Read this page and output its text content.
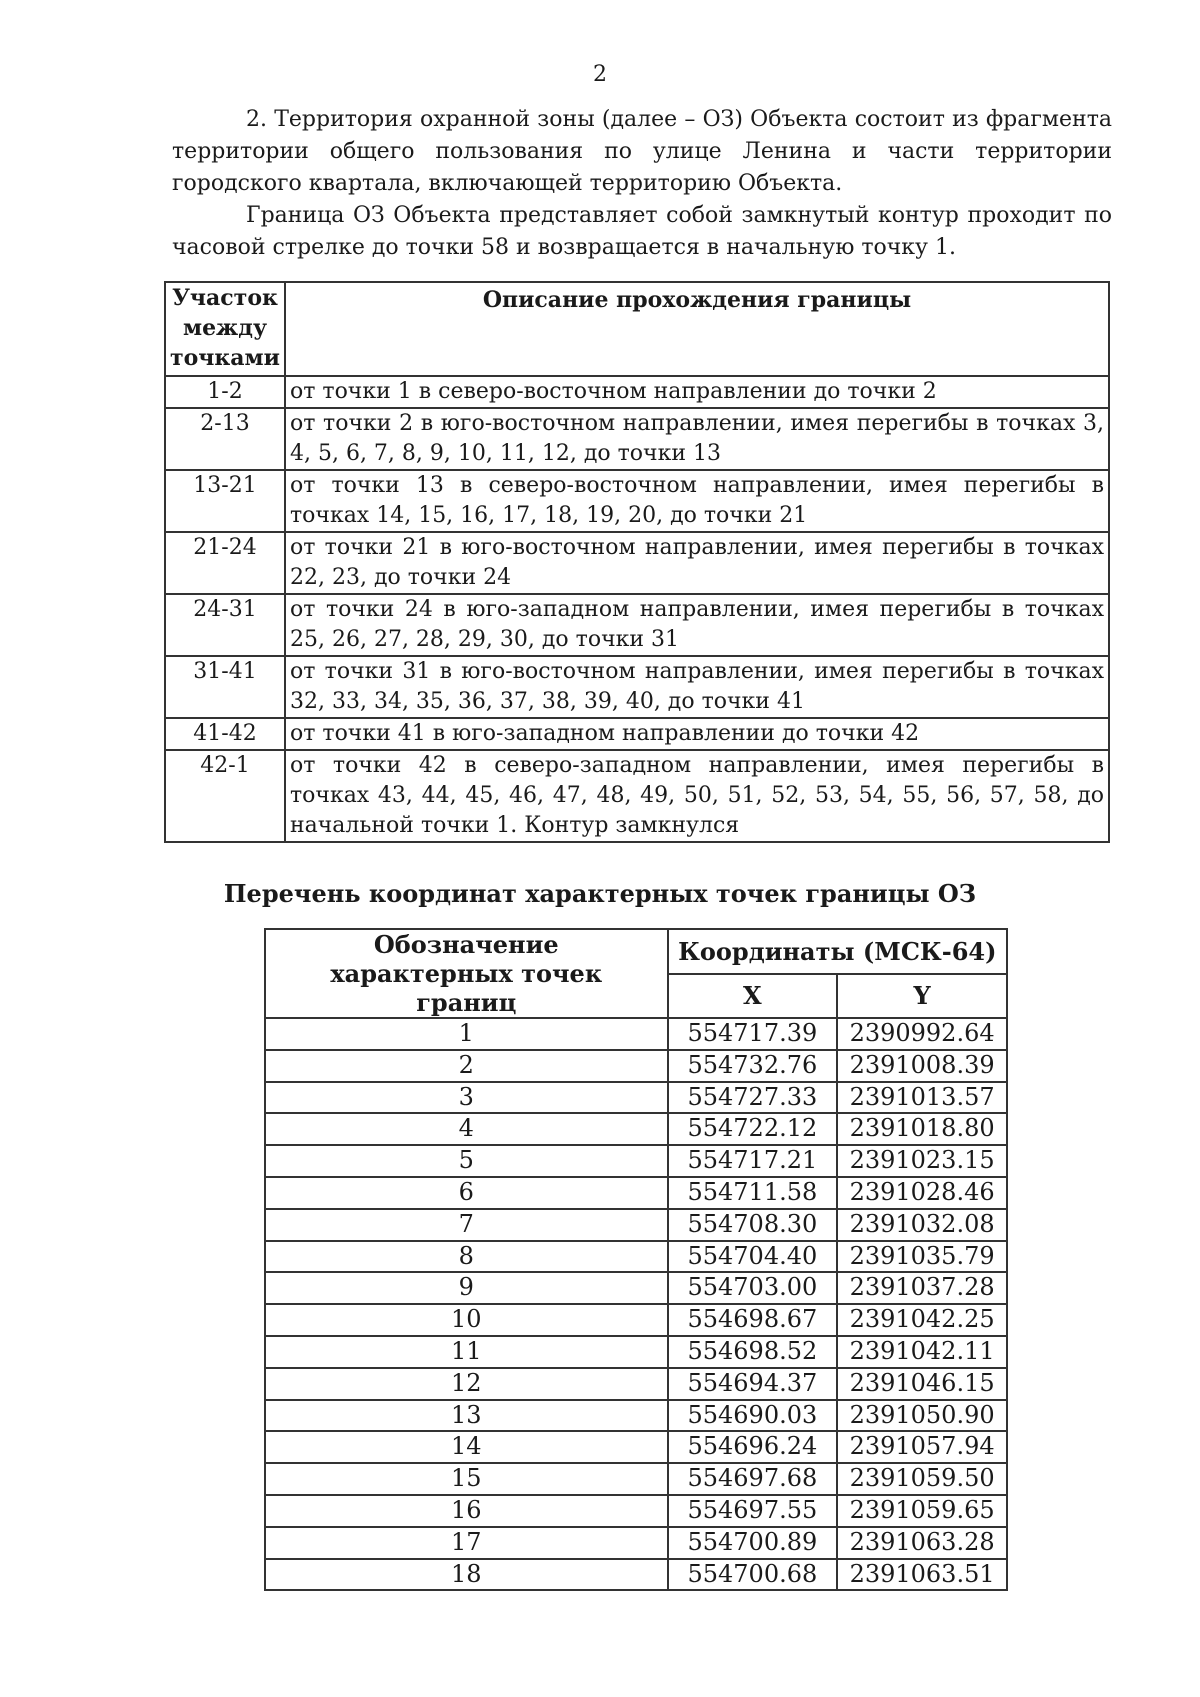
2

2. Территория охранной зоны (далее – ОЗ) Объекта состоит из фрагмента территории общего пользования по улице Ленина и части территории городского квартала, включающей территорию Объекта.

Граница ОЗ Объекта представляет собой замкнутый контур проходит по часовой стрелке до точки 58 и возвращается в начальную точку 1.

Участок между точками	Описание прохождения границы
1-2	от точки 1 в северо-восточном направлении до точки 2
2-13	от точки 2 в юго-восточном направлении, имея перегибы в точках 3, 4, 5, 6, 7, 8, 9, 10, 11, 12, до точки 13
13-21	от точки 13 в северо-восточном направлении, имея перегибы в точках 14, 15, 16, 17, 18, 19, 20, до точки 21
21-24	от точки 21 в юго-восточном направлении, имея перегибы в точках 22, 23, до точки 24
24-31	от точки 24 в юго-западном направлении, имея перегибы в точках 25, 26, 27, 28, 29, 30, до точки 31
31-41	от точки 31 в юго-восточном направлении, имея перегибы в точках 32, 33, 34, 35, 36, 37, 38, 39, 40, до точки 41
41-42	от точки 41 в юго-западном направлении до точки 42
42-1	от точки 42 в северо-западном направлении, имея перегибы в точках 43, 44, 45, 46, 47, 48, 49, 50, 51, 52, 53, 54, 55, 56, 57, 58, до начальной точки 1. Контур замкнулся
Перечень координат характерных точек границы ОЗ
Обозначение характерных точек границ	Координаты (МСК-64)	
	X	Y
1	554717.39	2390992.64
2	554732.76	2391008.39
3	554727.33	2391013.57
4	554722.12	2391018.80
5	554717.21	2391023.15
6	554711.58	2391028.46
7	554708.30	2391032.08
8	554704.40	2391035.79
9	554703.00	2391037.28
10	554698.67	2391042.25
11	554698.52	2391042.11
12	554694.37	2391046.15
13	554690.03	2391050.90
14	554696.24	2391057.94
15	554697.68	2391059.50
16	554697.55	2391059.65
17	554700.89	2391063.28
18	554700.68	2391063.51
